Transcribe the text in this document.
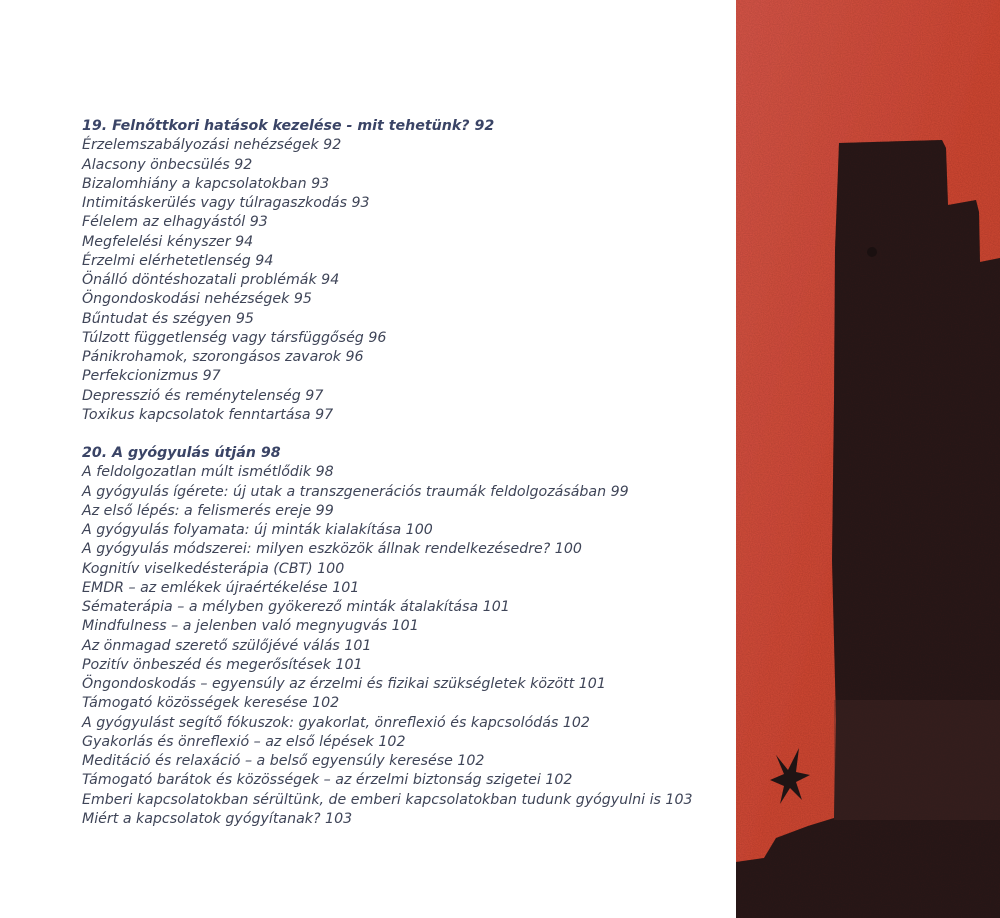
19. Felnőttkori hatások kezelése - mit tehetünk? 92
Érzelemszabályozási nehézségek 92
Alacsony önbecsülés 92
Bizalomhiány a kapcsolatokban 93
Intimitáskerülés vagy túlragaszkodás 93
Félelem az elhagyástól 93
Megfelelési kényszer 94
Érzelmi elérhetetlenség 94
Önálló döntéshozatali problémák 94
Öngondoskodási nehézségek 95
Bűntudat és szégyen 95
Túlzott függetlenség vagy társfüggőség 96
Pánikrohamok, szorongásos zavarok 96
Perfekcionizmus 97
Depresszió és reménytelenség 97
Toxikus kapcsolatok fenntartása 97
20. A gyógyulás útján 98
A feldolgozatlan múlt ismétlődik 98
A gyógyulás ígérete: új utak a transzgenerációs traumák feldolgozásában 99
Az első lépés: a felismerés ereje 99
A gyógyulás folyamata: új minták kialakítása 100
A gyógyulás módszerei: milyen eszközök állnak rendelkezésedre? 100
Kognitív viselkedésterápia (CBT) 100
EMDR – az emlékek újraértékelése 101
Sématerápia – a mélyben gyökerező minták átalakítása 101
Mindfulness – a jelenben való megnyugvás 101
Az önmagad szerető szülőjévé válás 101
Pozitív önbeszéd és megerősítések 101
Öngondoskodás – egyensúly az érzelmi és fizikai szükségletek között 101
Támogató közösségek keresése 102
A gyógyulást segítő fókuszok: gyakorlat, önreflexió és kapcsolódás 102
Gyakorlás és önreflexió – az első lépések 102
Meditáció és relaxáció – a belső egyensúly keresése 102
Támogató barátok és közösségek – az érzelmi biztonság szigetei 102
Emberi kapcsolatokban sérültünk, de emberi kapcsolatokban tudunk gyógyulni is 103
Miért a kapcsolatok gyógyítanak? 103
